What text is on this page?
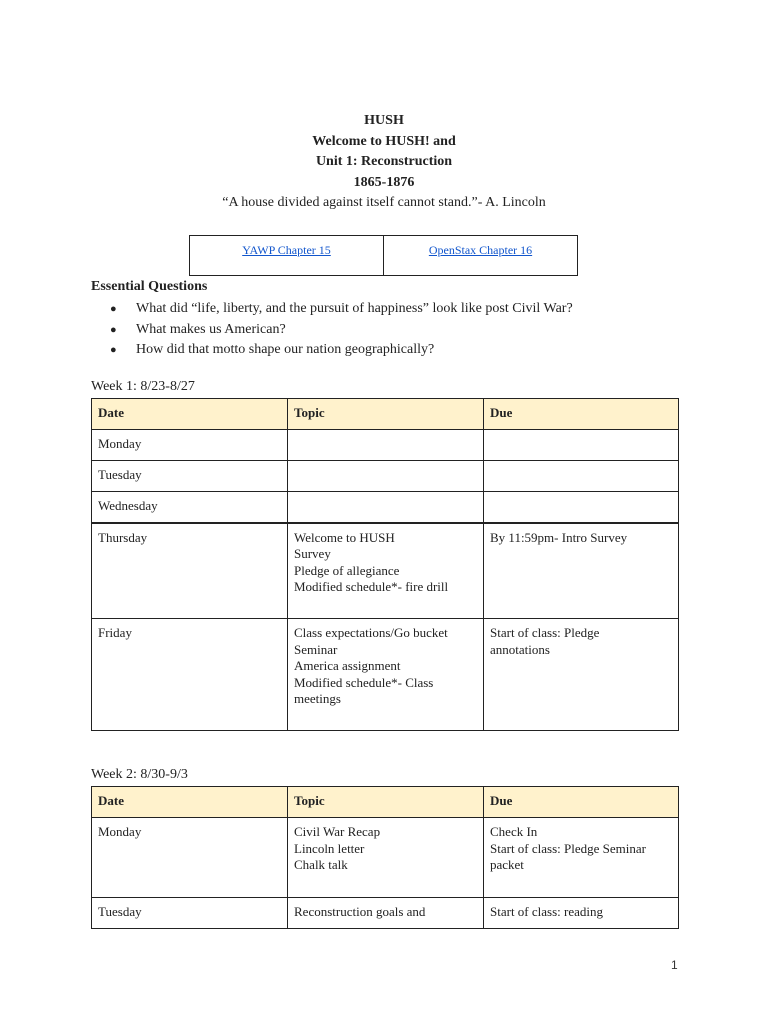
HUSH
Welcome to HUSH! and
Unit 1: Reconstruction
1865-1876
“A house divided against itself cannot stand.”- A. Lincoln
YAWP Chapter 15	OpenStax Chapter 16
Essential Questions
● What did “life, liberty, and the pursuit of happiness” look like post Civil War?
● What makes us American?
● How did that motto shape our nation geographically?
Week 1: 8/23-8/27
Date	Topic	Due
Monday		
Tuesday		
Wednesday		
Thursday	Welcome to HUSH
Survey
Pledge of allegiance
Modified schedule*- fire drill	By 11:59pm- Intro Survey

Friday	Class expectations/Go bucket
Seminar
America assignment
Modified schedule*- Class
meetings	Start of class: Pledge
annotations
Week 2: 8/30-9/3
Date	Topic	Due
Monday	Civil War Recap
Lincoln letter
Chalk talk	Check In
Start of class: Pledge Seminar
packet

Tuesday	Reconstruction goals and	Start of class: reading
1
